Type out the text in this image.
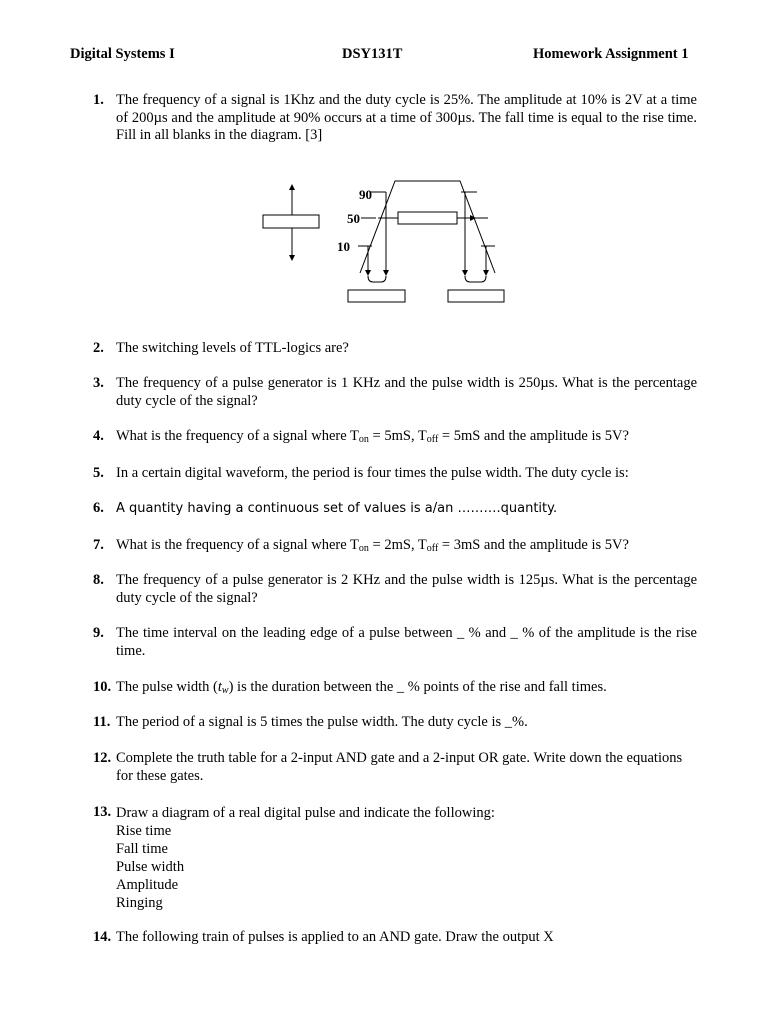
Digital Systems I	DSY131T	Homework Assignment 1
1. The frequency of a signal is 1Khz and the duty cycle is 25%. The amplitude at 10% is 2V at a time of 200µs and the amplitude at 90% occurs at a time of 300µs. The fall time is equal to the rise time. Fill in all blanks in the diagram. [3]
90
50
10
2. The switching levels of TTL-logics are?
3. The frequency of a pulse generator is 1 KHz and the pulse width is 250µs. What is the percentage duty cycle of the signal?
4. What is the frequency of a signal where $T_{on} = 5mS$, $T_{off} = 5mS$ and the amplitude is 5V?
5. In a certain digital waveform, the period is four times the pulse width. The duty cycle is:
6. A quantity having a continuous set of values is a/an ……….quantity.
7. What is the frequency of a signal where $T_{on} = 2mS$, $T_{off} = 3mS$ and the amplitude is 5V?
8. The frequency of a pulse generator is 2 KHz and the pulse width is 125µs. What is the percentage duty cycle of the signal?
9. The time interval on the leading edge of a pulse between _ % and _ % of the amplitude is the rise time.
10. The pulse width $(t_w)$ is the duration between the _ % points of the rise and fall times.
11. The period of a signal is 5 times the pulse width. The duty cycle is _%.
12. Complete the truth table for a 2-input AND gate and a 2-input OR gate. Write down the equations for these gates.
13. Draw a diagram of a real digital pulse and indicate the following:
Rise time
Fall time
Pulse width
Amplitude
Ringing
14. The following train of pulses is applied to an AND gate. Draw the output X
